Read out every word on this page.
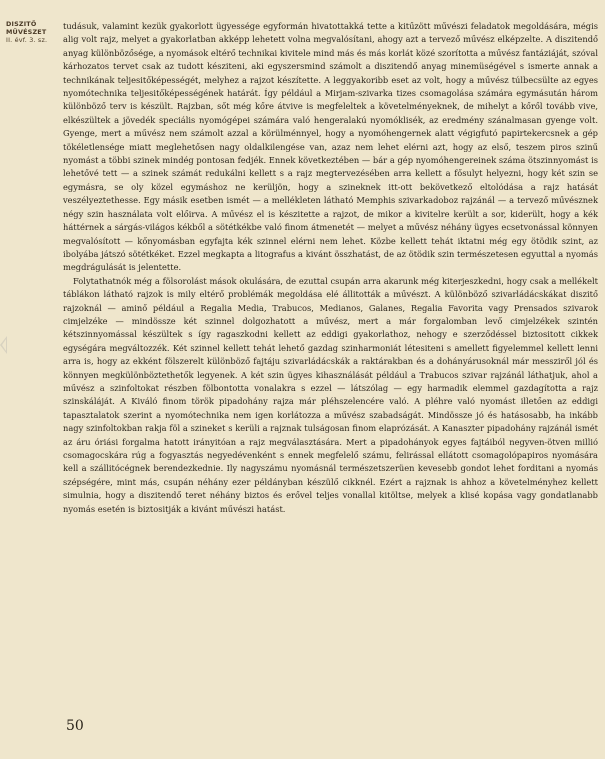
DISZITŐ
MŰVÉSZET
II. évf. 3. sz.

tudásuk, valamint kezük gyakorlott ügyessége egyformán hivatottakká tette a kitűzött művészi feladatok megoldására, mégis alig volt rajz, melyet a gyakorlatban akképp lehetett volna megvalósítani, ahogy azt a tervező művész elképzelte. A diszitendő anyag különbözősége, a nyomások eltérő technikai kivitele mind más és más korlát közé szorította a művész fantáziáját, szóval kárhozatos tervet csak az tudott késziteni, aki egyszersmind számolt a diszitendő anyag minemüségével s ismerte annak a technikának teljesitőképességét, melyhez a rajzot készítette. A leggyakoribb eset az volt, hogy a művész túlbecsülte az egyes nyomótechnika teljesitőképességének határát. Így például a Mirjam-szivarka tizes csomagolása számára egymásután három különböző terv is készült. Rajzban, sőt még kőre átvive is megfeleltek a követelményeknek, de mihelyt a kőről tovább vive, elkészültek a jövedék speciális nyomógépei számára való hengeralakú nyomóklisék, az eredmény szánalmasan gyenge volt. Gyenge, mert a művész nem számolt azzal a körülménnyel, hogy a nyomóhengernek alatt végigfutó papirtekercsnek a gép tökéletlensége miatt meglehetősen nagy oldalkilengése van, azaz nem lehet elérni azt, hogy az első, teszem piros szinű nyomást a többi szinek mindég pontosan fedjék. Ennek következtében — bár a gép nyomóhengereinek száma ötszinnyomást is lehetővé tett — a szinek számát redukálni kellett s a rajz megtervezésében arra kellett a fősulyt helyezni, hogy két szin se egymásra, se oly közel egymáshoz ne kerüljön, hogy a szineknek itt-ott bekövetkező eltolódása a rajz hatását veszélyeztethesse. Egy másik esetben ismét — a mellékleten látható Memphis szivarkadoboz rajzánál — a tervező művésznek négy szin használata volt előirva. A művész el is készitette a rajzot, de mikor a kivitelre került a sor, kiderült, hogy a kék háttérnek a sárgás-világos kékből a sötétkékbe való finom átmenetét — melyet a művész néhány ügyes ecsetvonással könnyen megvalósított — kőnyomásban egyfajta kék szinnel elérni nem lehet. Közbe kellett tehát iktatni még egy ötödik szint, az ibolyába játszó sötétkéket. Ezzel megkapta a litografus a kivánt összhatást, de az ötödik szin természetesen egyuttal a nyomás megdrágulását is jelentette.

Folytathatnók még a fölsorolást mások okulására, de ezuttal csupán arra akarunk még kiterjeszkedni, hogy csak a mellékelt táblákon látható rajzok is mily eltérő problémák megoldása elé állitották a művészt. A különböző szivarládácskákat diszitő rajzoknál — aminő például a Regalia Media, Trabucos, Medianos, Galanes, Regalia Favorita vagy Prensados szivarok cimjelzéke — mindössze két szinnel dolgozhatott a művész, mert a már forgalomban levő cimjelzékek szintén kétszinnyomással készültek s így ragaszkodni kellett az eddigi gyakorlathoz, nehogy e szerződéssel biztositott cikkek egységára megváltozzék. Két szinnel kellett tehát lehető gazdag szinharmoniát létesiteni s amellett figyelemmel kellett lenni arra is, hogy az ekként fölszerelt különböző fajtáju szivarládácskák a raktárakban és a dohányárusoknál már messziről jól és könnyen megkülönböztethetők legyenek. A két szin ügyes kihasználását például a Trabucos szivar rajzánál láthatjuk, ahol a művész a szinfoltokat részben fölbontotta vonalakra s ezzel — látszólag — egy harmadik elemmel gazdagította a rajz szinskáláját. A Kiváló finom török pipadohány rajza már pléhszelencére való. A pléhre való nyomást illetően az eddigi tapasztalatok szerint a nyomótechnika nem igen korlátozza a művész szabadságát. Mindössze jó és hatásosabb, ha inkább nagy szinfoltokban rakja föl a szineket s kerüli a rajznak tulságosan finom elaprózását. A Kanaszter pipadohány rajzánál ismét az áru óriási forgalma hatott irányitóan a rajz megválasztására. Mert a pipadohányok egyes fajtáiból negyven-ötven millió csomagocskára rúg a fogyasztás negyedévenként s ennek megfelelő számu, felirással ellátott csomagolópapiros nyomására kell a szállitócégnek berendezkednie. Ily nagyszámu nyomásnál természetszerüen kevesebb gondot lehet forditani a nyomás szépségére, mint más, csupán néhány ezer példányban készülő cikknél. Ezért a rajznak is ahhoz a követelményhez kellett simulnia, hogy a diszitendő teret néhány biztos és erővel teljes vonallal kitöltse, melyek a klisé kopása vagy gondatlanabb nyomás esetén is biztositják a kivánt művészi hatást.

50
